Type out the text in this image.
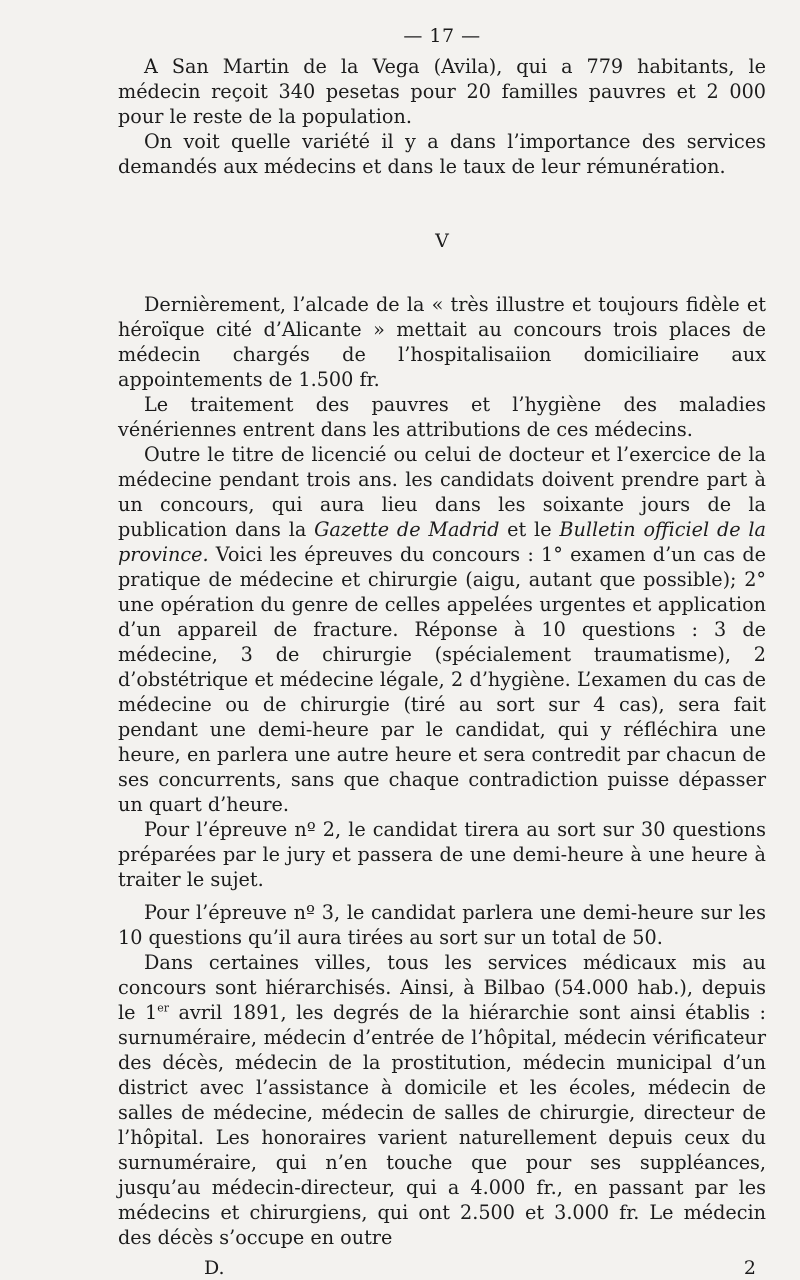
— 17 —

A San Martin de la Vega (Avila), qui a 779 habitants, le médecin reçoit 340 pesetas pour 20 familles pauvres et 2 000 pour le reste de la population.

On voit quelle variété il y a dans l’importance des services demandés aux médecins et dans le taux de leur rémunération.

V

Dernièrement, l’alcade de la « très illustre et toujours fidèle et héroïque cité d’Alicante » mettait au concours trois places de médecin chargés de l’hospitalisaiion domiciliaire aux appointements de 1.500 fr.

Le traitement des pauvres et l’hygiène des maladies vénériennes entrent dans les attributions de ces médecins.

Outre le titre de licencié ou celui de docteur et l’exercice de la médecine pendant trois ans. les candidats doivent prendre part à un concours, qui aura lieu dans les soixante jours de la publication dans la Gazette de Madrid et le Bulletin officiel de la province. Voici les épreuves du concours : 1° examen d’un cas de pratique de médecine et chirurgie (aigu, autant que possible); 2° une opération du genre de celles appelées urgentes et application d’un appareil de fracture. Réponse à 10 questions : 3 de médecine, 3 de chirurgie (spécialement traumatisme), 2 d’obstétrique et médecine légale, 2 d’hygiène. L’examen du cas de médecine ou de chirurgie (tiré au sort sur 4 cas), sera fait pendant une demi-heure par le candidat, qui y réfléchira une heure, en parlera une autre heure et sera contredit par chacun de ses concurrents, sans que chaque contradiction puisse dépasser un quart d’heure.

Pour l’épreuve nº 2, le candidat tirera au sort sur 30 questions préparées par le jury et passera de une demi-heure à une heure à traiter le sujet.

Pour l’épreuve nº 3, le candidat parlera une demi-heure sur les 10 questions qu’il aura tirées au sort sur un total de 50.

Dans certaines villes, tous les services médicaux mis au concours sont hiérarchisés. Ainsi, à Bilbao (54.000 hab.), depuis le 1er avril 1891, les degrés de la hiérarchie sont ainsi établis : surnuméraire, médecin d’entrée de l’hôpital, médecin vérificateur des décès, médecin de la prostitution, médecin municipal d’un district avec l’assistance à domicile et les écoles, médecin de salles de médecine, médecin de salles de chirurgie, directeur de l’hôpital. Les honoraires varient naturellement depuis ceux du surnuméraire, qui n’en touche que pour ses suppléances, jusqu’au médecin-directeur, qui a 4.000 fr., en passant par les médecins et chirurgiens, qui ont 2.500 et 3.000 fr. Le médecin des décès s’occupe en outre

D.	2
